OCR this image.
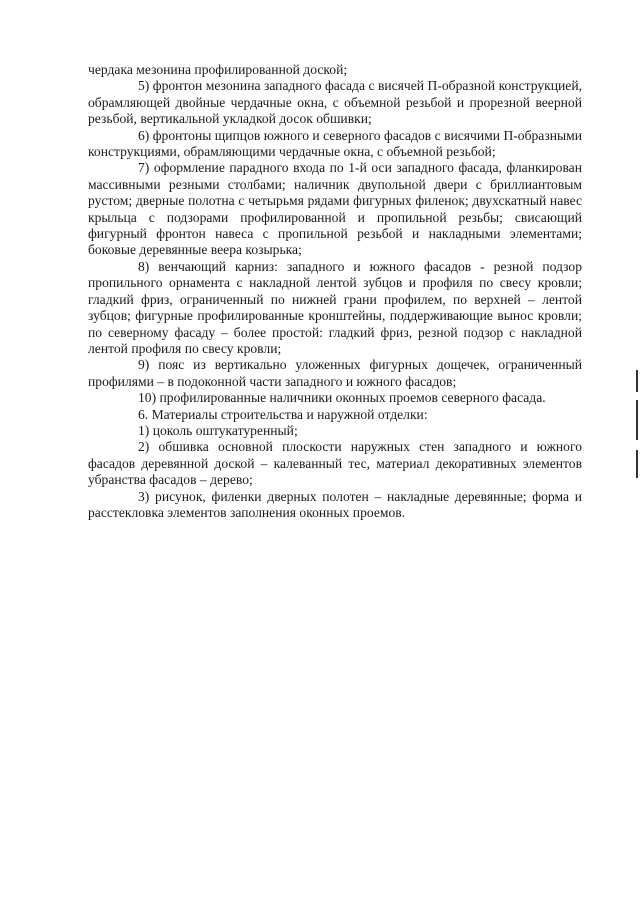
чердака мезонина профилированной доской;

5) фронтон мезонина западного фасада с висячей П-образной конструкцией, обрамляющей двойные чердачные окна, с объемной резьбой и прорезной веерной резьбой, вертикальной укладкой досок обшивки;

6) фронтоны щипцов южного и северного фасадов с висячими П-образными конструкциями, обрамляющими чердачные окна, с объемной резьбой;

7) оформление парадного входа по 1-й оси западного фасада, фланкирован массивными резными столбами; наличник двупольной двери с бриллиантовым рустом; дверные полотна с четырьмя рядами фигурных филенок; двухскатный навес крыльца с подзорами профилированной и пропильной резьбы; свисающий фигурный фронтон навеса с пропильной резьбой и накладными элементами; боковые деревянные веера козырька;

8) венчающий карниз: западного и южного фасадов - резной подзор пропильного орнамента с накладной лентой зубцов и профиля по свесу кровли; гладкий фриз, ограниченный по нижней грани профилем, по верхней – лентой зубцов; фигурные профилированные кронштейны, поддерживающие вынос кровли; по северному фасаду – более простой: гладкий фриз, резной подзор с накладной лентой профиля по свесу кровли;

9) пояс из вертикально уложенных фигурных дощечек, ограниченный профилями – в подоконной части западного и южного фасадов;

10) профилированные наличники оконных проемов северного фасада.

6. Материалы строительства и наружной отделки:

1) цоколь оштукатуренный;

2) обшивка основной плоскости наружных стен западного и южного фасадов деревянной доской – калеванный тес, материал декоративных элементов убранства фасадов – дерево;

3) рисунок, филенки дверных полотен – накладные деревянные; форма и расстекловка элементов заполнения оконных проемов.
